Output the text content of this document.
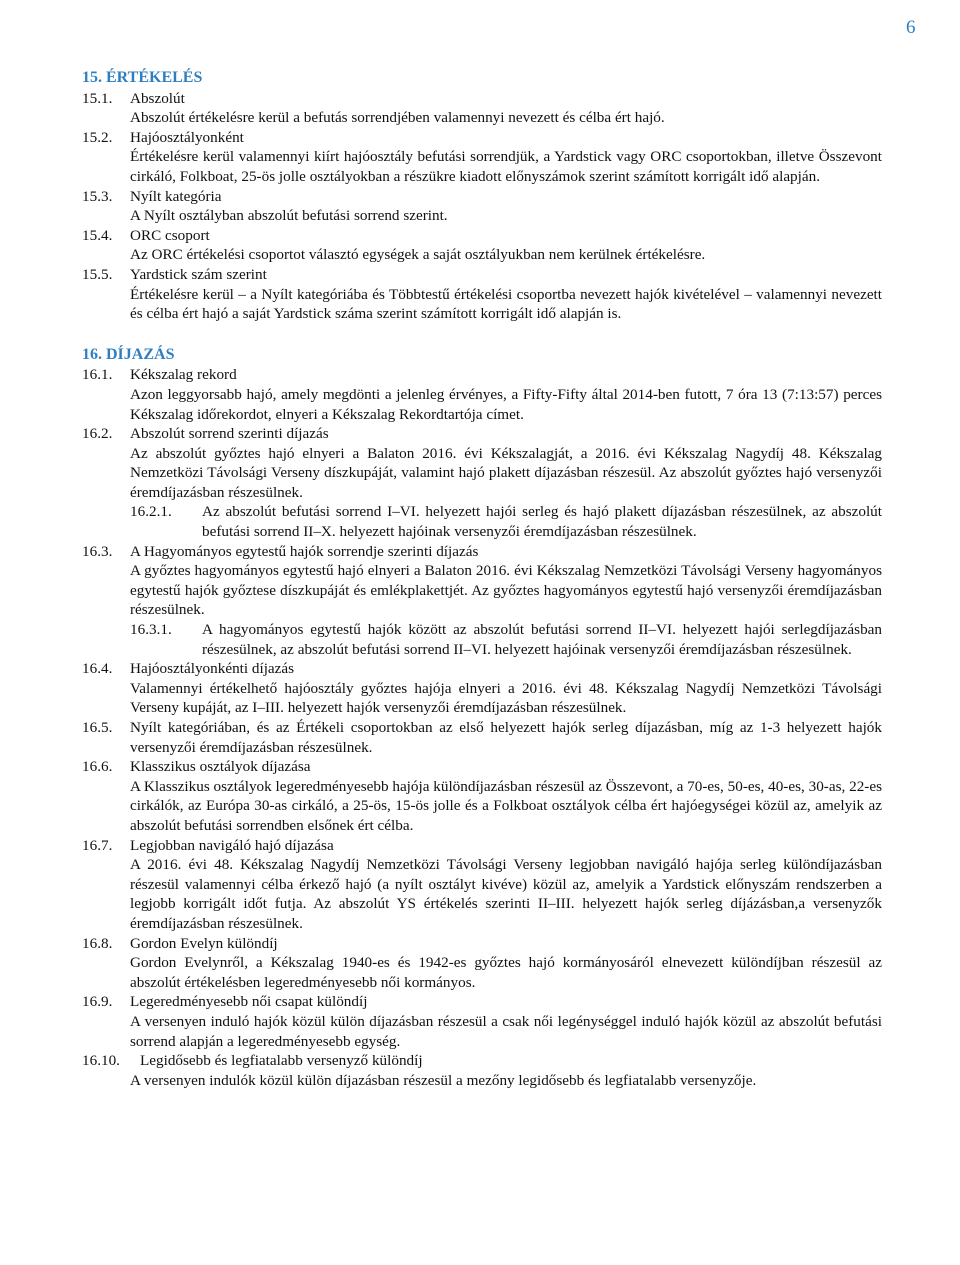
6
15. ÉRTÉKELÉS
15.1. Abszolút
Abszolút értékelésre kerül a befutás sorrendjében valamennyi nevezett és célba ért hajó.
15.2. Hajóosztályonként
Értékelésre kerül valamennyi kiírt hajóosztály befutási sorrendjük, a Yardstick vagy ORC csoportokban, illetve Összevont cirkáló, Folkboat, 25-ös jolle osztályokban a részükre kiadott előnyszámok szerint számított korrigált idő alapján.
15.3. Nyílt kategória
A Nyílt osztályban abszolút befutási sorrend szerint.
15.4. ORC csoport
Az ORC értékelési csoportot választó egységek a saját osztályukban nem kerülnek értékelésre.
15.5. Yardstick szám szerint
Értékelésre kerül – a Nyílt kategóriába és Többtestű értékelési csoportba nevezett hajók kivételével – valamennyi nevezett és célba ért hajó a saját Yardstick száma szerint számított korrigált idő alapján is.
16. DÍJAZÁS
16.1. Kékszalag rekord
Azon leggyorsabb hajó, amely megdönti a jelenleg érvényes, a Fifty-Fifty által 2014-ben futott, 7 óra 13 (7:13:57) perces Kékszalag időrekordot, elnyeri a Kékszalag Rekordtartója címet.
16.2. Abszolút sorrend szerinti díjazás
Az abszolút győztes hajó elnyeri a Balaton 2016. évi Kékszalagját, a 2016. évi Kékszalag Nagydíj 48. Kékszalag Nemzetközi Távolsági Verseny díszkupáját, valamint hajó plakett díjazásban részesül. Az abszolút győztes hajó versenyzői éremdíjazásban részesülnek.
16.2.1. Az abszolút befutási sorrend I–VI. helyezett hajói serleg és hajó plakett díjazásban részesülnek, az abszolút befutási sorrend II–X. helyezett hajóinak versenyzői éremdíjazásban részesülnek.
16.3. A Hagyományos egytestű hajók sorrendje szerinti díjazás
A győztes hagyományos egytestű hajó elnyeri a Balaton 2016. évi Kékszalag Nemzetközi Távolsági Verseny hagyományos egytestű hajók győztese díszkupáját és emlékplakettjét. Az győztes hagyományos egytestű hajó versenyzői éremdíjazásban részesülnek.
16.3.1. A hagyományos egytestű hajók között az abszolút befutási sorrend II–VI. helyezett hajói serlegdíjazásban részesülnek, az abszolút befutási sorrend II–VI. helyezett hajóinak versenyzői éremdíjazásban részesülnek.
16.4. Hajóosztályonkénti díjazás
Valamennyi értékelhető hajóosztály győztes hajója elnyeri a 2016. évi 48. Kékszalag Nagydíj Nemzetközi Távolsági Verseny kupáját, az I–III. helyezett hajók versenyzői éremdíjazásban részesülnek.
16.5. Nyílt kategóriában, és az Értékeli csoportokban az első helyezett hajók serleg díjazásban, míg az 1-3 helyezett hajók versenyzői éremdíjazásban részesülnek.
16.6. Klasszikus osztályok díjazása
A Klasszikus osztályok legeredményesebb hajója különdíjazásban részesül az Összevont, a 70-es, 50-es, 40-es, 30-as, 22-es cirkálók, az Európa 30-as cirkáló, a 25-ös, 15-ös jolle és a Folkboat osztályok célba ért hajóegységei közül az, amelyik az abszolút befutási sorrendben elsőnek ért célba.
16.7. Legjobban navigáló hajó díjazása
A 2016. évi 48. Kékszalag Nagydíj Nemzetközi Távolsági Verseny legjobban navigáló hajója serleg különdíjazásban részesül valamennyi célba érkező hajó (a nyílt osztályt kivéve) közül az, amelyik a Yardstick előnyszám rendszerben a legjobb korrigált időt futja. Az abszolút YS értékelés szerinti II–III. helyezett hajók serleg díjázásban,a versenyzők éremdíjazásban részesülnek.
16.8. Gordon Evelyn különdíj
Gordon Evelynről, a Kékszalag 1940-es és 1942-es győztes hajó kormányosáról elnevezett különdíjban részesül az abszolút értékelésben legeredményesebb női kormányos.
16.9. Legeredményesebb női csapat különdíj
A versenyen induló hajók közül külön díjazásban részesül a csak női legénységgel induló hajók közül az abszolút befutási sorrend alapján a legeredményesebb egység.
16.10. Legidősebb és legfiatalabb versenyző különdíj
A versenyen indulók közül külön díjazásban részesül a mezőny legidősebb és legfiatalabb versenyzője.
